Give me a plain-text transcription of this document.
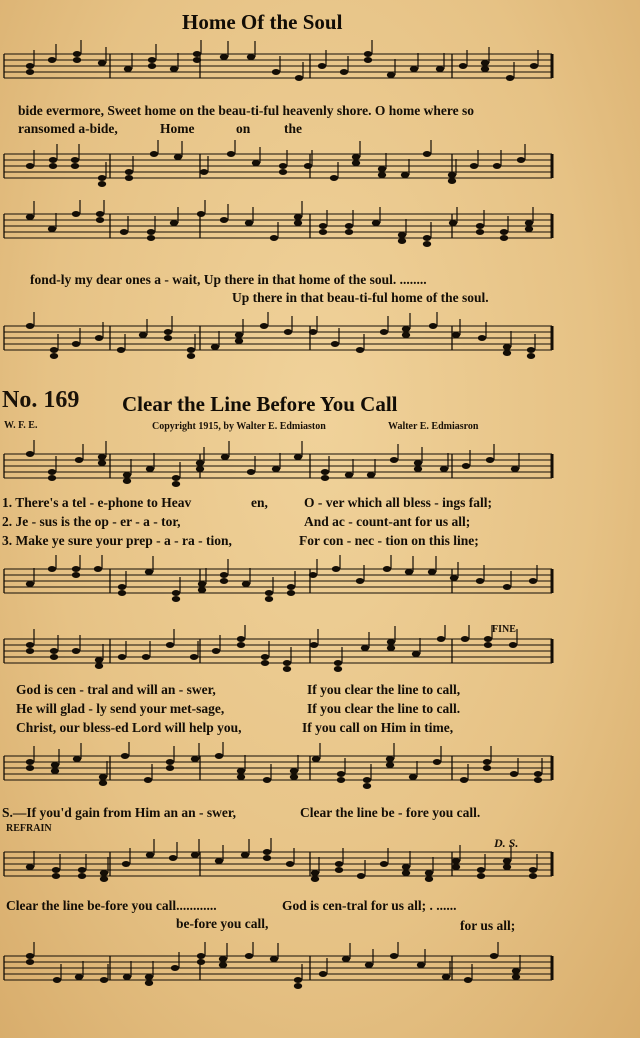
Home Of the Soul
bide evermore, Sweet home on the beau-ti-ful heavenly shore. O home where so
ransomed a-bide,	Home	on the
fond-ly my dear ones a - wait, Up there in that home of the soul. ........
Up there in that beau-ti-ful home of the soul.
No. 169 Clear the Line Before You Call
W. F. E.	Copyright 1915, by Walter E. Edmiaston	Walter E. Edmiasron
1. There's a tel - e-phone to Heav	en,	O - ver which all bless - ings fall;
2. Je - sus is the op - er - a - tor,	And ac - count-ant for us all;
3. Make ye sure your prep - a - ra - tion,	For con - nec - tion on this line;
FINE
God is cen - tral and will an - swer,	If you clear the line to call,
He will glad - ly send your met-sage,	If you clear the line to call.
Christ, our bless-ed Lord will help you,	If you call on Him in time,
S.—If you'd gain from Him an an - swer,	Clear the line be - fore you call.
REFRAIN
D. S.
Clear the line be-fore you call............	God is cen-tral for us all; . ......
be-fore you call,	for us all;
